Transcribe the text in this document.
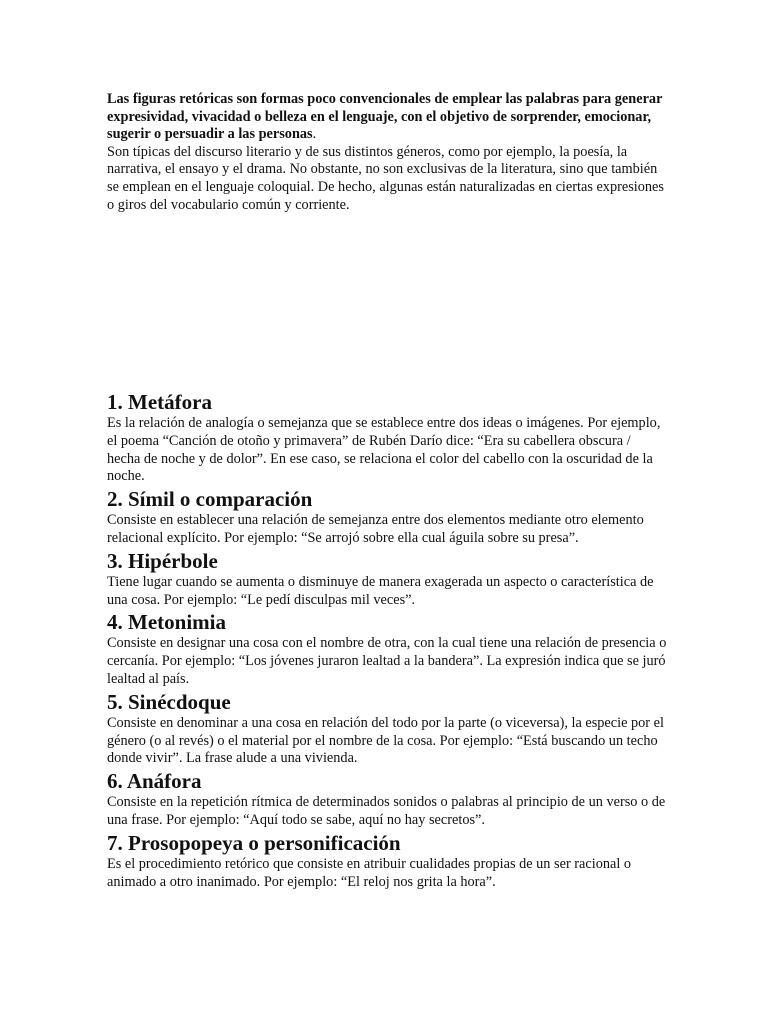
Las figuras retóricas son formas poco convencionales de emplear las palabras para generar expresividad, vivacidad o belleza en el lenguaje, con el objetivo de sorprender, emocionar, sugerir o persuadir a las personas.
Son típicas del discurso literario y de sus distintos géneros, como por ejemplo, la poesía, la narrativa, el ensayo y el drama. No obstante, no son exclusivas de la literatura, sino que también se emplean en el lenguaje coloquial. De hecho, algunas están naturalizadas en ciertas expresiones o giros del vocabulario común y corriente.

1. Metáfora

Es la relación de analogía o semejanza que se establece entre dos ideas o imágenes. Por ejemplo, el poema “Canción de otoño y primavera” de Rubén Darío dice: “Era su cabellera obscura / hecha de noche y de dolor”. En ese caso, se relaciona el color del cabello con la oscuridad de la noche.

2. Símil o comparación

Consiste en establecer una relación de semejanza entre dos elementos mediante otro elemento relacional explícito. Por ejemplo: “Se arrojó sobre ella cual águila sobre su presa”.

3. Hipérbole

Tiene lugar cuando se aumenta o disminuye de manera exagerada un aspecto o característica de una cosa. Por ejemplo: “Le pedí disculpas mil veces”.

4. Metonimia

Consiste en designar una cosa con el nombre de otra, con la cual tiene una relación de presencia o cercanía. Por ejemplo: “Los jóvenes juraron lealtad a la bandera”. La expresión indica que se juró lealtad al país.

5. Sinécdoque

Consiste en denominar a una cosa en relación del todo por la parte (o viceversa), la especie por el género (o al revés) o el material por el nombre de la cosa. Por ejemplo: “Está buscando un techo donde vivir”. La frase alude a una vivienda.

6. Anáfora

Consiste en la repetición rítmica de determinados sonidos o palabras al principio de un verso o de una frase. Por ejemplo: “Aquí todo se sabe, aquí no hay secretos”.

7. Prosopopeya o personificación

Es el procedimiento retórico que consiste en atribuir cualidades propias de un ser racional o animado a otro inanimado. Por ejemplo: “El reloj nos grita la hora”.
